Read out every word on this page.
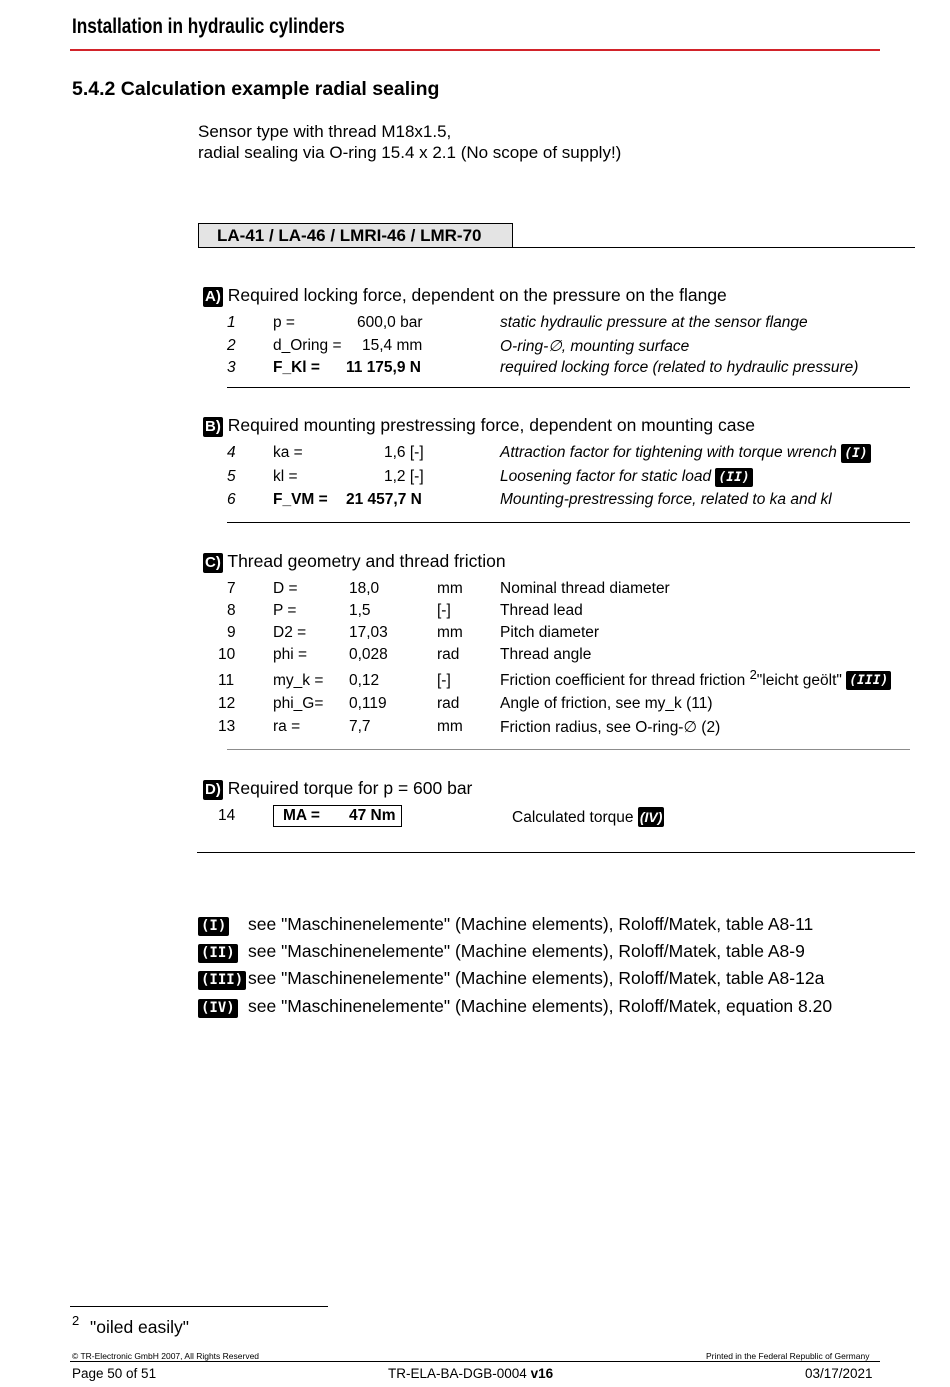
Installation in hydraulic cylinders
5.4.2 Calculation example radial sealing
Sensor type with thread M18x1.5,
radial sealing via O-ring 15.4 x 2.1 (No scope of supply!)
LA-41 / LA-46 / LMRI-46 / LMR-70
A) Required locking force, dependent on the pressure on the flange
1 p =	600,0 bar	static hydraulic pressure at the sensor flange
2 d_Oring = 15,4 mm	O-ring-∅, mounting surface
3 F_Kl = 11 175,9 N	required locking force (related to hydraulic pressure)
B) Required mounting prestressing force, dependent on mounting case
4 ka =	1,6 [-]	Attraction factor for tightening with torque wrench (I)
5 kl =	1,2 [-]	Loosening factor for static load (II)
6 F_VM = 21 457,7 N	Mounting-prestressing force, related to ka and kl
C) Thread geometry and thread friction
7 D =	18,0	mm Nominal thread diameter
8 P =	1,5	[-]	Thread lead
9 D2 =	17,03	mm Pitch diameter
10 phi =	0,028	rad	Thread angle
11	my_k = 0,12	[-]	Friction coefficient for thread friction 2"leicht geölt" (III)
12 phi_G= 0,119	rad	Angle of friction, see my_k (11)
13 ra =	7,7	mm Friction radius, see O-ring-∅ (2)
D) Required torque for p = 600 bar
14	MA = 47 Nm	Calculated torque (IV)
(I) see "Maschinenelemente" (Machine elements), Roloff/Matek, table A8-11
(II) see "Maschinenelemente" (Machine elements), Roloff/Matek, table A8-9
(III) see "Maschinenelemente" (Machine elements), Roloff/Matek, table A8-12a
(IV) see "Maschinenelemente" (Machine elements), Roloff/Matek, equation 8.20
2 "oiled easily"
© TR-Electronic GmbH 2007, All Rights Reserved	Printed in the Federal Republic of Germany
Page 50 of 51	TR-ELA-BA-DGB-0004 v16	03/17/2021
